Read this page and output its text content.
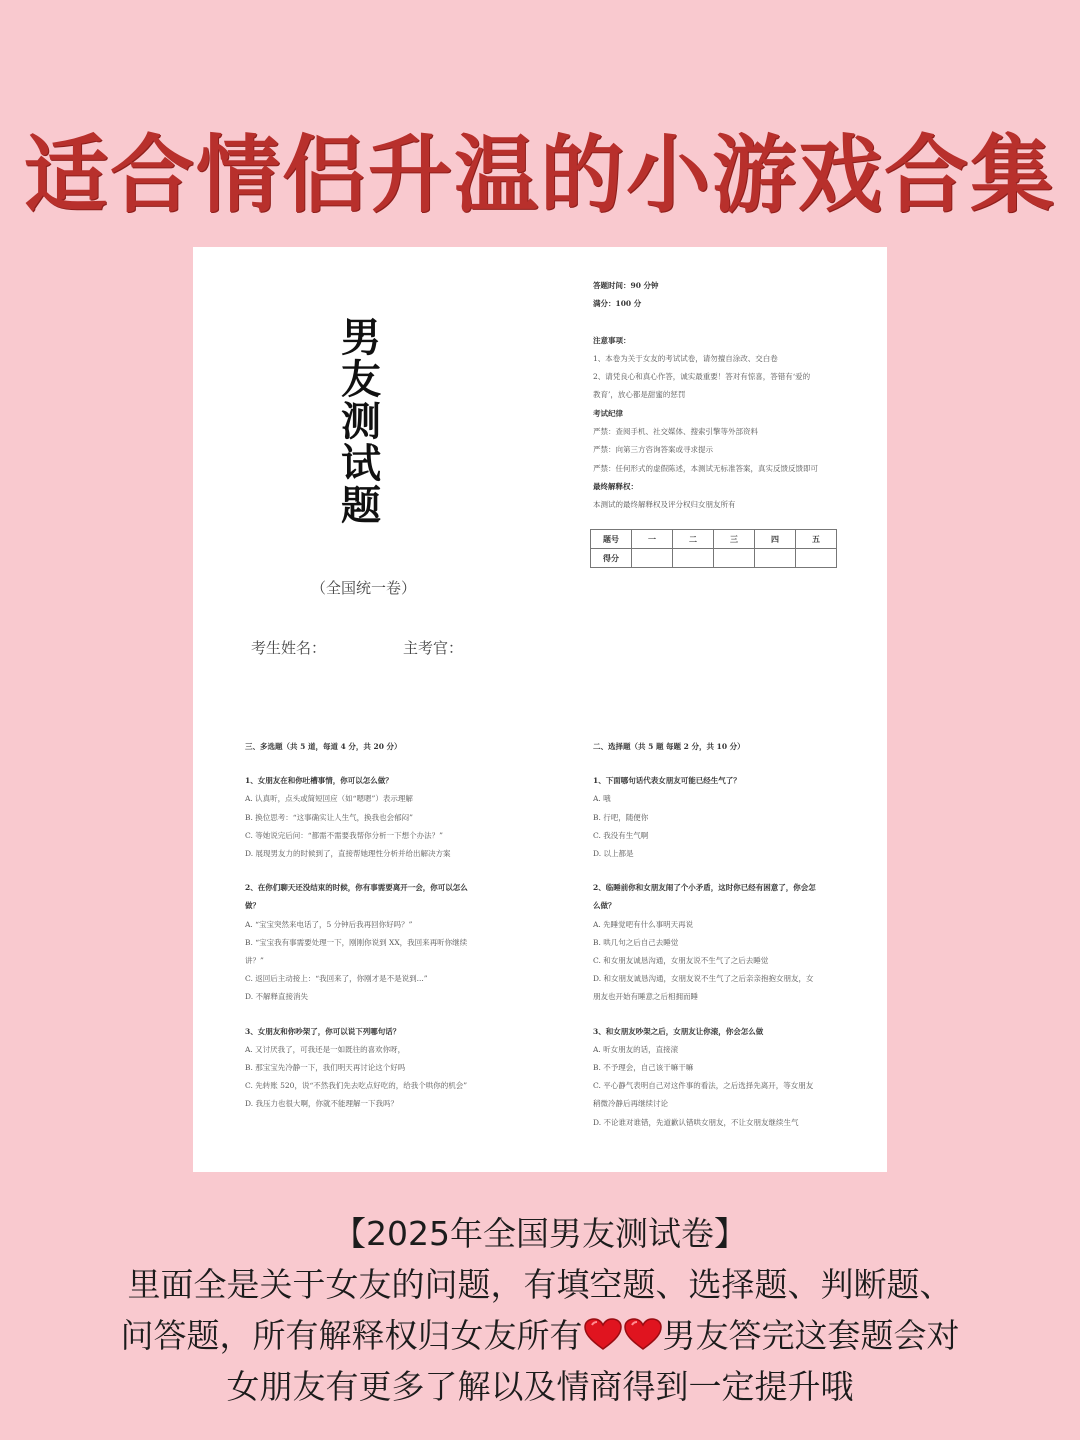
适合情侣升温的小游戏合集
男
友
测
试
题
（全国统一卷）
考生姓名：	主考官：
答题时间：90 分钟
满分：100 分
注意事项：
1、本卷为关于女友的考试试卷，请勿擅自涂改、交白卷
2、请凭良心和真心作答，诚实最重要！答对有惊喜，答错有‘爱的
教育’，放心都是甜蜜的惩罚
考试纪律
严禁：查阅手机、社交媒体、搜索引擎等外部资料
严禁：向第三方咨询答案或寻求提示
严禁：任何形式的虚假陈述，本测试无标准答案，真实反馈反馈即可
最终解释权：
本测试的最终解释权及评分权归女朋友所有
题号	一	二	三	四	五
得分					
三、多选题（共 5 道，每道 4 分，共 20 分）
1、女朋友在和你吐槽事情，你可以怎么做？
A. 认真听，点头或简短回应（如“嗯嗯”）表示理解
B. 换位思考：“这事确实让人生气，换我也会郁闷”
C. 等她说完后问：“都需不需要我帮你分析一下想个办法？”
D. 展现男友力的时候到了，直接帮她理性分析并给出解决方案
2、在你们聊天还没结束的时候，你有事需要离开一会，你可以怎么
做？
A. “宝宝突然来电话了，5 分钟后我再回你好吗？”
B. “宝宝我有事需要处理一下，刚刚你说到 XX，我回来再听你继续
讲？”
C. 返回后主动接上：“我回来了，你刚才是不是说到...”
D. 不解释直接消失
3、女朋友和你吵架了，你可以说下列哪句话？
A. 又讨厌我了，可我还是一如既往的喜欢你呀，
B. 那宝宝先冷静一下，我们明天再讨论这个好吗
C. 先转账 520，说“不然我们先去吃点好吃的，给我个哄你的机会”
D. 我压力也很大啊，你就不能理解一下我吗？
二、选择题（共 5 题 每题 2 分，共 10 分）
1、下面哪句话代表女朋友可能已经生气了？
A. 哦
B. 行吧，随便你
C. 我没有生气啊
D. 以上都是
2、临睡前你和女朋友闹了个小矛盾，这时你已经有困意了，你会怎
么做？
A. 先睡觉吧有什么事明天再说
B. 哄几句之后自己去睡觉
C. 和女朋友诚恳沟通，女朋友说不生气了之后去睡觉
D. 和女朋友诚恳沟通，女朋友说不生气了之后亲亲抱抱女朋友，女
朋友也开始有睡意之后相拥而睡
3、和女朋友吵架之后，女朋友让你滚，你会怎么做
A. 听女朋友的话，直接滚
B. 不予理会，自己该干嘛干嘛
C. 平心静气表明自己对这件事的看法，之后选择先离开，等女朋友
稍微冷静后再继续讨论
D. 不论谁对谁错，先道歉认错哄女朋友，不让女朋友继续生气
【2025年全国男友测试卷】
里面全是关于女友的问题，有填空题、选择题、判断题、
问答题，所有解释权归女友所有 男友答完这套题会对
女朋友有更多了解以及情商得到一定提升哦
